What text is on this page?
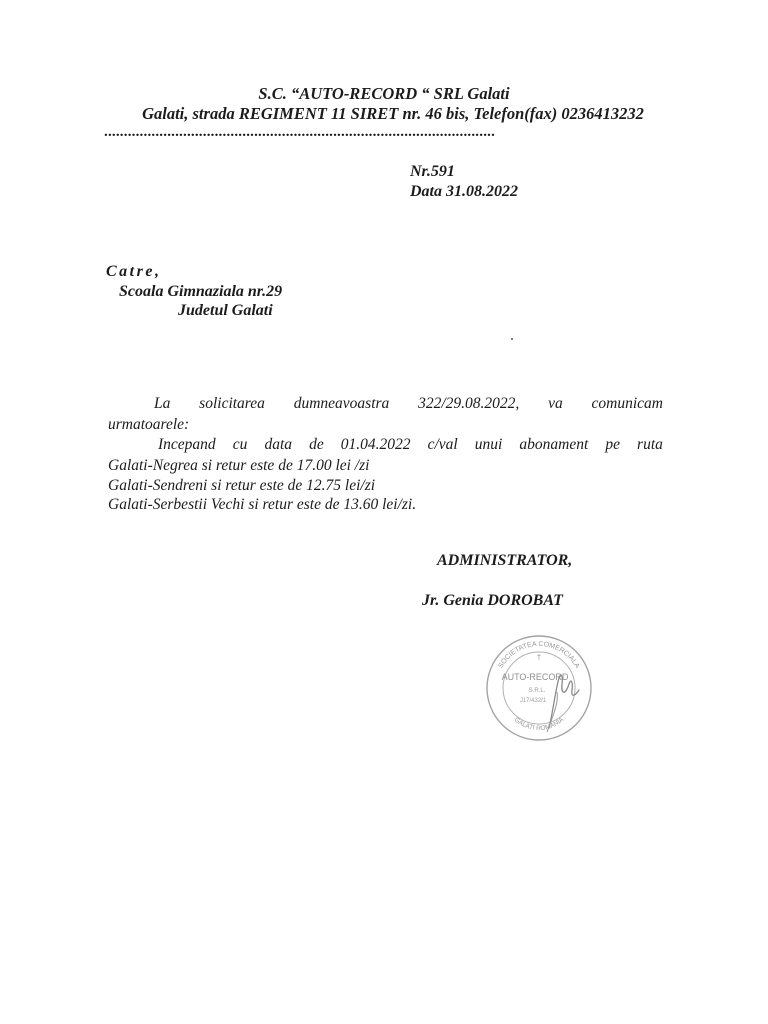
S.C. “AUTO-RECORD “ SRL Galati
Galati, strada REGIMENT 11 SIRET nr. 46 bis, Telefon(fax) 0236413232
...................................................................................................
Nr.591
Data 31.08.2022
Catre,
Scoala Gimnaziala nr.29
Judetul Galati
La solicitarea dumneavoastra 322/29.08.2022, va comunicam
urmatoarele:
Incepand cu data de 01.04.2022 c/val unui abonament pe ruta
Galati-Negrea si retur este de 17.00 lei /zi
Galati-Sendreni si retur este de 12.75 lei/zi
Galati-Serbestii Vechi si retur este de 13.60 lei/zi.
ADMINISTRATOR,
Jr. Genia DOROBAT
SOCIETATEA COMERCIALA
GALATI ROMANIA
†
AUTO-RECORD
S.R.L.
J17/432/1
